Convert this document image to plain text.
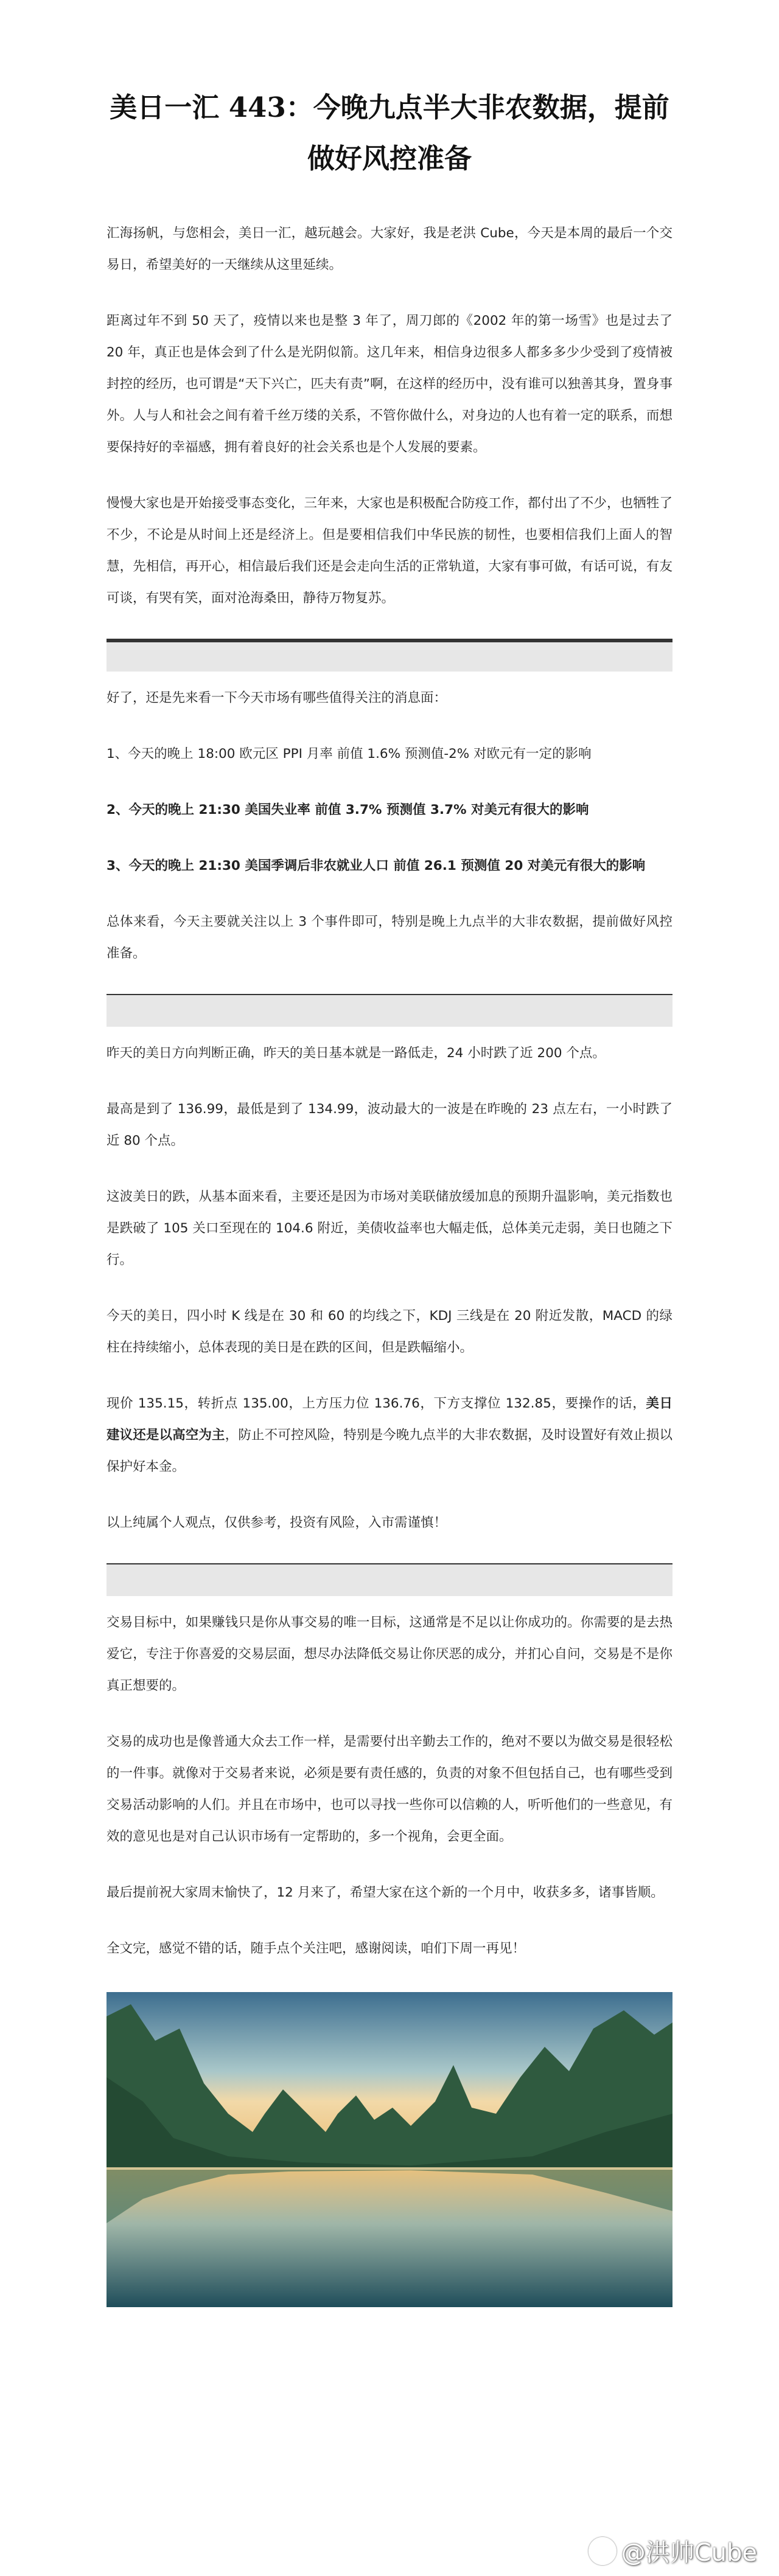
美日一汇 443：今晚九点半大非农数据，提前做好风控准备

汇海扬帆，与您相会，美日一汇，越玩越会。大家好，我是老洪 Cube，今天是本周的最后一个交易日，希望美好的一天继续从这里延续。

距离过年不到 50 天了，疫情以来也是整 3 年了，周刀郎的《2002 年的第一场雪》也是过去了 20 年，真正也是体会到了什么是光阴似箭。这几年来，相信身边很多人都多多少少受到了疫情被封控的经历，也可谓是“天下兴亡，匹夫有责”啊，在这样的经历中，没有谁可以独善其身，置身事外。人与人和社会之间有着千丝万缕的关系，不管你做什么，对身边的人也有着一定的联系，而想要保持好的幸福感，拥有着良好的社会关系也是个人发展的要素。

慢慢大家也是开始接受事态变化，三年来，大家也是积极配合防疫工作，都付出了不少，也牺牲了不少，不论是从时间上还是经济上。但是要相信我们中华民族的韧性，也要相信我们上面人的智慧，先相信，再开心，相信最后我们还是会走向生活的正常轨道，大家有事可做，有话可说，有友可谈，有哭有笑，面对沧海桑田，静待万物复苏。

好了，还是先来看一下今天市场有哪些值得关注的消息面：

1、今天的晚上 18:00 欧元区 PPI 月率 前值 1.6% 预测值-2% 对欧元有一定的影响

2、今天的晚上 21:30 美国失业率 前值 3.7% 预测值 3.7% 对美元有很大的影响

3、今天的晚上 21:30 美国季调后非农就业人口 前值 26.1 预测值 20 对美元有很大的影响

总体来看，今天主要就关注以上 3 个事件即可，特别是晚上九点半的大非农数据，提前做好风控准备。

昨天的美日方向判断正确，昨天的美日基本就是一路低走，24 小时跌了近 200 个点。

最高是到了 136.99，最低是到了 134.99，波动最大的一波是在昨晚的 23 点左右，一小时跌了近 80 个点。

这波美日的跌，从基本面来看，主要还是因为市场对美联储放缓加息的预期升温影响，美元指数也是跌破了 105 关口至现在的 104.6 附近，美债收益率也大幅走低，总体美元走弱，美日也随之下行。

今天的美日，四小时 K 线是在 30 和 60 的均线之下，KDJ 三线是在 20 附近发散，MACD 的绿柱在持续缩小，总体表现的美日是在跌的区间，但是跌幅缩小。

现价 135.15，转折点 135.00，上方压力位 136.76，下方支撑位 132.85，要操作的话，美日建议还是以高空为主，防止不可控风险，特别是今晚九点半的大非农数据，及时设置好有效止损以保护好本金。

以上纯属个人观点，仅供参考，投资有风险，入市需谨慎！

交易目标中，如果赚钱只是你从事交易的唯一目标，这通常是不足以让你成功的。你需要的是去热爱它，专注于你喜爱的交易层面，想尽办法降低交易让你厌恶的成分，并扪心自问，交易是不是你真正想要的。

交易的成功也是像普通大众去工作一样，是需要付出辛勤去工作的，绝对不要以为做交易是很轻松的一件事。就像对于交易者来说，必须是要有责任感的，负责的对象不但包括自己，也有哪些受到交易活动影响的人们。并且在市场中，也可以寻找一些你可以信赖的人，听听他们的一些意见，有效的意见也是对自己认识市场有一定帮助的，多一个视角，会更全面。

最后提前祝大家周末愉快了，12 月来了，希望大家在这个新的一个月中，收获多多，诸事皆顺。

全文完，感觉不错的话，随手点个关注吧，感谢阅读，咱们下周一再见！

@洪帅Cube
